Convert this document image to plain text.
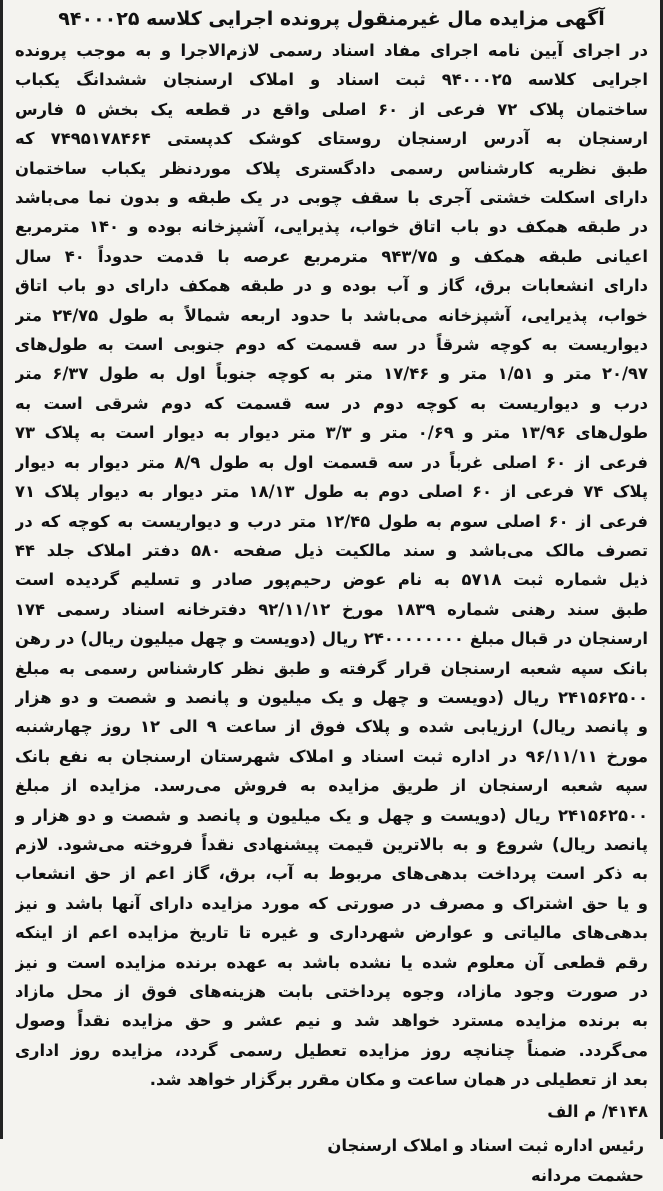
آگهی مزایده مال غیرمنقول پرونده اجرایی کلاسه ۹۴۰۰۰۲۵
در اجرای آیین نامه اجرای مفاد اسناد رسمی لازم‌الاجرا و به موجب پرونده
اجرایی کلاسه ۹۴۰۰۰۲۵ ثبت اسناد و املاک ارسنجان ششدانگ یکباب
ساختمان پلاک ۷۲ فرعی از ۶۰ اصلی واقع در قطعه یک بخش ۵ فارس
ارسنجان به آدرس ارسنجان روستای کوشک کدپستی ۷۴۹۵۱۷۸۴۶۴ که
طبق نظریه کارشناس رسمی دادگستری پلاک موردنظر یکباب ساختمان
دارای اسکلت خشتی آجری با سقف چوبی در یک طبقه و بدون نما می‌باشد
در طبقه همکف دو باب اتاق خواب، پذیرایی، آشپزخانه بوده و ۱۴۰ مترمربع
اعیانی طبقه همکف و ۹۴۳/۷۵ مترمربع عرصه با قدمت حدوداً ۴۰ سال
دارای انشعابات برق، گاز و آب بوده و در طبقه همکف دارای دو باب اتاق
خواب، پذیرایی، آشپزخانه می‌باشد با حدود اربعه شمالاً به طول ۲۴/۷۵ متر
دیواریست به کوچه شرقاً در سه قسمت که دوم جنوبی است به طول‌های
۲۰/۹۷ متر و ۱/۵۱ متر و ۱۷/۴۶ متر به کوچه جنوباً اول به طول ۶/۳۷ متر
درب و دیواریست به کوچه دوم در سه قسمت که دوم شرقی است به
طول‌های ۱۳/۹۶ متر و ۰/۶۹ متر و ۳/۳ متر دیوار به دیوار است به پلاک ۷۳
فرعی از ۶۰ اصلی غرباً در سه قسمت اول به طول ۸/۹ متر دیوار به دیوار
پلاک ۷۴ فرعی از ۶۰ اصلی دوم به طول ۱۸/۱۳ متر دیوار به دیوار پلاک ۷۱
فرعی از ۶۰ اصلی سوم به طول ۱۲/۴۵ متر درب و دیواریست به کوچه که در
تصرف مالک می‌باشد و سند مالکیت ذیل صفحه ۵۸۰ دفتر املاک جلد ۴۴
ذیل شماره ثبت ۵۷۱۸ به نام عوض رحیم‌پور صادر و تسلیم گردیده است
طبق سند رهنی شماره ۱۸۳۹ مورخ ۹۲/۱۱/۱۲ دفترخانه اسناد رسمی ۱۷۴
ارسنجان در قبال مبلغ ۲۴۰۰۰۰۰۰۰۰ ریال (دویست و چهل میلیون ریال) در رهن
بانک سپه شعبه ارسنجان قرار گرفته و طبق نظر کارشناس رسمی به مبلغ
۲۴۱۵۶۲۵۰۰ ریال (دویست و چهل و یک میلیون و پانصد و شصت و دو هزار
و پانصد ریال) ارزیابی شده و پلاک فوق از ساعت ۹ الی ۱۲ روز چهارشنبه
مورخ ۹۶/۱۱/۱۱ در اداره ثبت اسناد و املاک شهرستان ارسنجان به نفع بانک
سپه شعبه ارسنجان از طریق مزایده به فروش می‌رسد. مزایده از مبلغ
۲۴۱۵۶۲۵۰۰ ریال (دویست و چهل و یک میلیون و پانصد و شصت و دو هزار و
پانصد ریال) شروع و به بالاترین قیمت پیشنهادی نقداً فروخته می‌شود. لازم
به ذکر است پرداخت بدهی‌های مربوط به آب، برق، گاز اعم از حق انشعاب
و یا حق اشتراک و مصرف در صورتی که مورد مزایده دارای آنها باشد و نیز
بدهی‌های مالیاتی و عوارض شهرداری و غیره تا تاریخ مزایده اعم از اینکه
رقم قطعی آن معلوم شده یا نشده باشد به عهده برنده مزایده است و نیز
در صورت وجود مازاد، وجوه پرداختی بابت هزینه‌های فوق از محل مازاد
به برنده مزایده مسترد خواهد شد و نیم عشر و حق مزایده نقداً وصول
می‌گردد. ضمناً چنانچه روز مزایده تعطیل رسمی گردد، مزایده روز اداری
بعد از تعطیلی در همان ساعت و مکان مقرر برگزار خواهد شد.
۴۱۴۸/ م الف
رئیس اداره ثبت اسناد و املاک ارسنجان
حشمت مردانه
